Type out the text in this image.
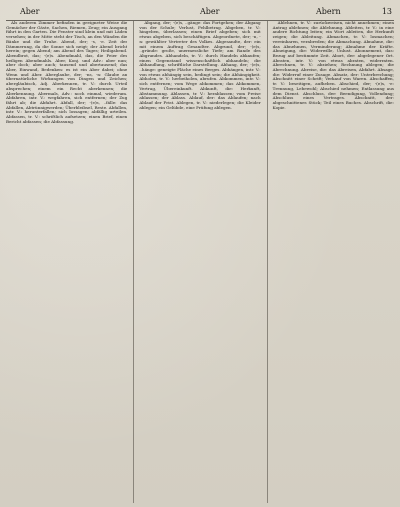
Aber	Aber	Abern	13

Als anderen Zimmer befinden in geeigneter Weise die Gemächer der Gäste, Sachen, Riemen, Zeug; ein Ausgang führt in den Garten. Die Fenster sind klein und mit Läden versehen; in der Mitte steht der Tisch, an den Wänden die Bänke und die Truhe. Abend, der; -s, -e. Zeit der Dämmerung, da die Sonne sich neigt; der Abend bricht herein; gegen Abend; am Abend des Tages; Heiligabend. Abendbrot, das; -(e)s. Abendmahl, das, die Feier des heiligen Abendmahls. Aber, Konj. und Adv.: aber nun; aber doch; aber auch; tausend und abertausend; das Aber, Einwand, Bedenken: es ist ein Aber dabei; ohne Wenn und Aber. Aberglaube, der; -ns, -n: Glaube an übernatürliche Wirkungen von Dingen und Zeichen; abergläubisch, Adj. Aberkennen, tr. V.: durch Urteil absprechen; einem ein Recht aberkennen; die Aberkennung. Abermals, Adv.: noch einmal, wiederum. Abfahren, intr. V.: wegfahren, sich entfernen; der Zug fährt ab; die Abfahrt. Abfall, der; -(e)s, ..fälle: das Abfallen, Abtrünnigwerden; Überbleibsel, Reste. Abfallen, intr. V.: herunterfallen; sich lossagen; abfällig urteilen. Abfassen, tr. V.: schriftlich aufsetzen; einen Brief, einen Bericht abfassen; die Abfassung.

Abgang, der; -(e)s, ..gänge: das Fortgehen; der Abgang von der Schule; Verlust, Fehlbetrag. Abgeben, tr. V.: hingeben, überlassen; einen Brief abgeben; sich mit etwas abgeben, sich beschäftigen. Abgeordnete, der; -n, -n: gewählter Vertreter des Volkes. Abgesandte, der: ein mit einem Auftrag Gesandter. Abgrund, der; -(e)s, ..gründe: große, unermessliche Tiefe; am Rande des Abgrundes. Abhandeln, tr. V.: durch Handeln abkaufen; einen Gegenstand wissenschaftlich abhandeln; die Abhandlung, schriftliche Darstellung. Abhang, der; -(e)s, ..hänge: geneigte Fläche eines Berges. Abhängen, intr. V.: von etwas abhängig sein, bedingt sein; die Abhängigkeit. Abholen, tr. V.: herbeiholen, abrufen. Abkommen, intr. V.: sich entfernen; vom Wege abkommen; das Abkommen, Vertrag, Übereinkunft. Abkunft, die: Herkunft, Abstammung. Ablassen, tr. V.: herablassen; vom Preise ablassen; der Ablass. Ablauf, der: das Ablaufen; nach Ablauf der Frist. Ablegen, tr. V.: niederlegen; die Kleider ablegen; ein Gelübde, eine Prüfung ablegen.

Ablehnen, tr. V.: zurückweisen, nicht annehmen; einen Antrag ablehnen; die Ablehnung. Ableiten, tr. V.: in eine andere Richtung leiten; ein Wort ableiten, die Herkunft zeigen; die Ableitung. Abmachen, tr. V.: losmachen; vereinbaren, verabreden; die Abmachung. Abnahme, die: das Abnehmen, Verminderung; Abnahme der Kräfte. Abneigung, die: Widerwille, Unlust. Abonnement, das: Bezug auf bestimmte Zeit. Abort, der: abgelegener Ort. Abraten, intr. V.: von etwas abraten, widerraten. Abrechnen, tr. V.: abziehen; Rechnung ablegen; die Abrechnung. Abreise, die: das Abreisen, Abfahrt. Absage, die: Widerruf einer Zusage. Absatz, der: Unterbrechung; Abschnitt einer Schrift; Verkauf von Waren. Abschaffen, tr. V.: beseitigen, aufheben. Abschied, der; -(e)s, -e: Trennung, Lebewohl; Abschied nehmen; Entlassung aus dem Dienst. Abschluss, der: Beendigung, Vollendung; Abschluss eines Vertrages. Abschnitt, der: abgeschnittenes Stück; Teil eines Buches. Abschrift, die: Kopie.
